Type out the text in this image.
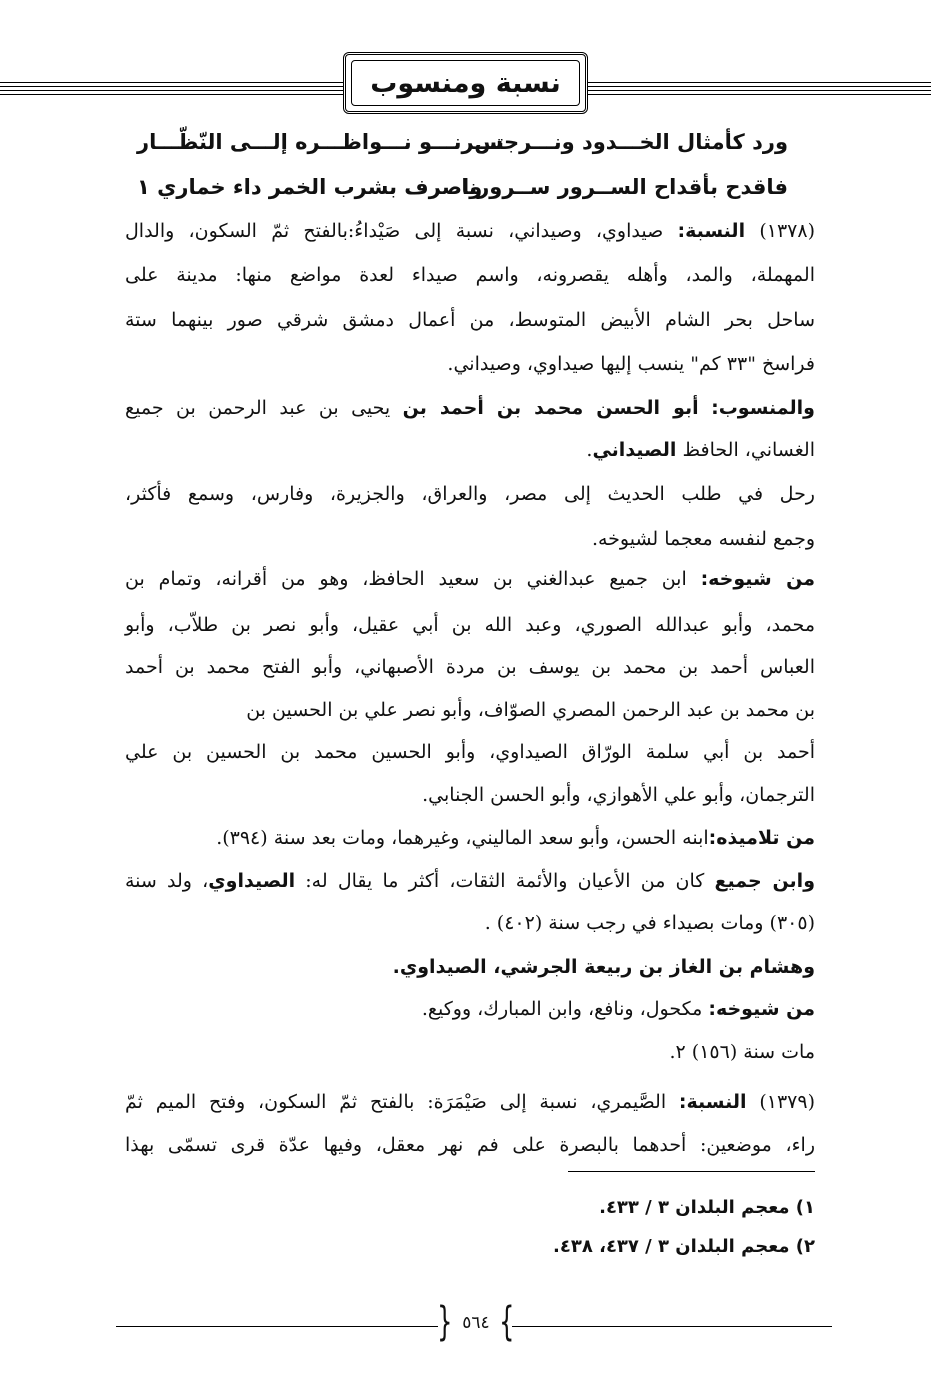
نسبة ومنسوب
ورد كأمثال الخـــدود ونـــرجس
تـــرنـــو نـــواظـــره إلـــى النّظّـــار
فاقدح بأقداح الســرور ســرورنا
واصرف بشرب الخمر داء خماري ١
(١٣٧٨) النسبة: صيداوي، وصيداني، نسبة إلى صَيْداءُ:بالفتح ثمّ السكون، والدال
المهملة، والمد، وأهله يقصرونه، واسم صيداء لعدة مواضع منها: مدينة على
ساحل بحر الشام الأبيض المتوسط، من أعمال دمشق شرقي صور بينهما ستة
فراسخ "٣٣ كم" ينسب إليها صيداوي، وصيداني.
والمنسوب: أبو الحسن محمد بن أحمد بن يحيى بن عبد الرحمن بن جميع
الغساني، الحافظ الصيداني.
رحل في طلب الحديث إلى مصر، والعراق، والجزيرة، وفارس، وسمع فأكثر،
وجمع لنفسه معجما لشيوخه.
من شيوخه: ابن جميع عبدالغني بن سعيد الحافظ، وهو من أقرانه، وتمام بن
محمد، وأبو عبدالله الصوري، وعبد الله بن أبي عقيل، وأبو نصر بن طلاّب، وأبو
العباس أحمد بن محمد بن يوسف بن مردة الأصبهاني، وأبو الفتح محمد بن أحمد
بن محمد بن عبد الرحمن المصري الصوّاف، وأبو نصر علي بن الحسين بن
أحمد بن أبي سلمة الورّاق الصيداوي، وأبو الحسين محمد بن الحسين بن علي
الترجمان، وأبو علي الأهوازي، وأبو الحسن الجنابي.
من تلاميذه:ابنه الحسن، وأبو سعد الماليني، وغيرهما، ومات بعد سنة (٣٩٤).
وابن جميع كان من الأعيان والأئمة الثقات، أكثر ما يقال له: الصيداوي، ولد سنة
(٣٠٥) ومات بصيداء في رجب سنة (٤٠٢) .
وهشام بن الغاز بن ربيعة الجرشي، الصيداوي.
من شيوخه: مكحول، ونافع، وابن المبارك، ووكيع.
مات سنة (١٥٦) ٢.
(١٣٧٩) النسبة: الصَّيمري، نسبة إلى صَيْمَرَة: بالفتح ثمّ السكون، وفتح الميم ثمّ
راء، موضعين: أحدهما بالبصرة على فم نهر معقل، وفيها عدّة قرى تسمّى بهذا
١) معجم البلدان ٣ / ٤٣٣.
٢) معجم البلدان ٣ / ٤٣٧، ٤٣٨.
{ }
٥٦٤
